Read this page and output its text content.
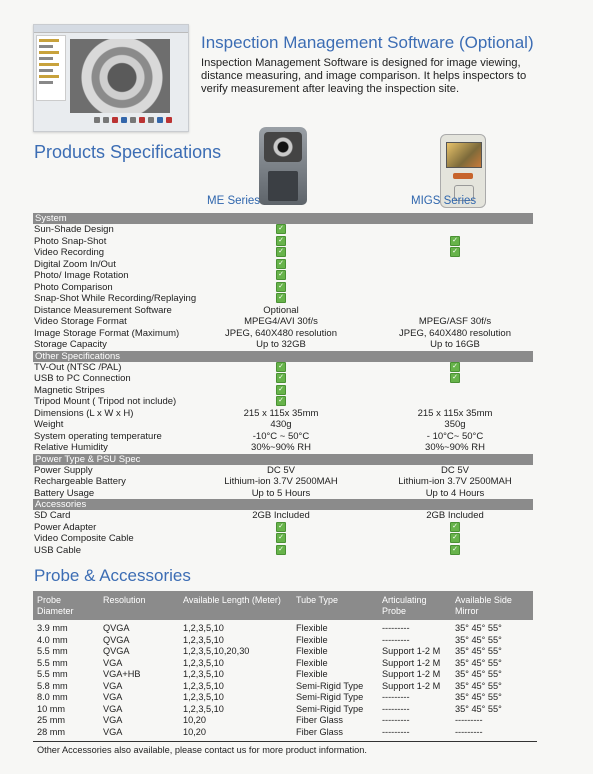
Inspection Management Software (Optional)

Inspection Management Software is designed for image viewing, distance measuring, and image comparison. It helps inspectors to verify measurement after leaving the inspection site.

Products Specifications
ME Series	MIGS Series
System			
Sun-Shade Design	✓		
Photo Snap-Shot	✓		✓
Video Recording	✓		✓
Digital Zoom In/Out	✓		
Photo/ Image Rotation	✓		
Photo Comparison	✓		
Snap-Shot While Recording/Replaying	✓		
Distance Measurement Software	Optional		
Video Storage Format	MPEG4/AVI 30f/s		MPEG/ASF 30f/s
Image Storage Format (Maximum)	JPEG, 640X480 resolution		JPEG, 640X480 resolution
Storage Capacity	Up to 32GB		Up to 16GB
Other Specifications			
TV-Out (NTSC /PAL)	✓		✓
USB to PC Connection	✓		✓
Magnetic Stripes	✓		
Tripod Mount ( Tripod not include)	✓		
Dimensions (L x W x H)	215 x 115x 35mm		215 x 115x 35mm
Weight	430g		350g
System operating temperature	-10°C ~ 50°C		- 10°C~ 50°C
Relative Humidity	30%~90% RH		30%~90% RH
Power Type & PSU Spec			
Power Supply	DC 5V		DC 5V
Rechargeable Battery	Lithium-ion 3.7V 2500MAH		Lithium-ion 3.7V 2500MAH
Battery Usage	Up to 5 Hours		Up to 4 Hours
Accessories			
SD Card	2GB Included		2GB Included
Power Adapter	✓		✓
Video Composite Cable	✓		✓
USB Cable	✓		✓
Probe & Accessories
Probe Diameter	Resolution	Available Length (Meter)	Tube Type	Articulating Probe	Available Side Mirror
3.9 mm	QVGA	1,2,3,5,10	Flexible	---------	35° 45° 55°
4.0 mm	QVGA	1,2,3,5,10	Flexible	---------	35° 45° 55°
5.5 mm	QVGA	1,2,3,5,10,20,30	Flexible	Support 1-2 M	35° 45° 55°
5.5 mm	VGA	1,2,3,5,10	Flexible	Support 1-2 M	35° 45° 55°
5.5 mm	VGA+HB	1,2,3,5,10	Flexible	Support 1-2 M	35° 45° 55°
5.8 mm	VGA	1,2,3,5,10	Semi-Rigid Type	Support 1-2 M	35° 45° 55°
8.0 mm	VGA	1,2,3,5,10	Semi-Rigid Type	---------	35° 45° 55°
10 mm	VGA	1,2,3,5,10	Semi-Rigid Type	---------	35° 45° 55°
25 mm	VGA	10,20	Fiber Glass	---------	---------
28 mm	VGA	10,20	Fiber Glass	---------	---------
Other Accessories also available, please contact us for more product information.
